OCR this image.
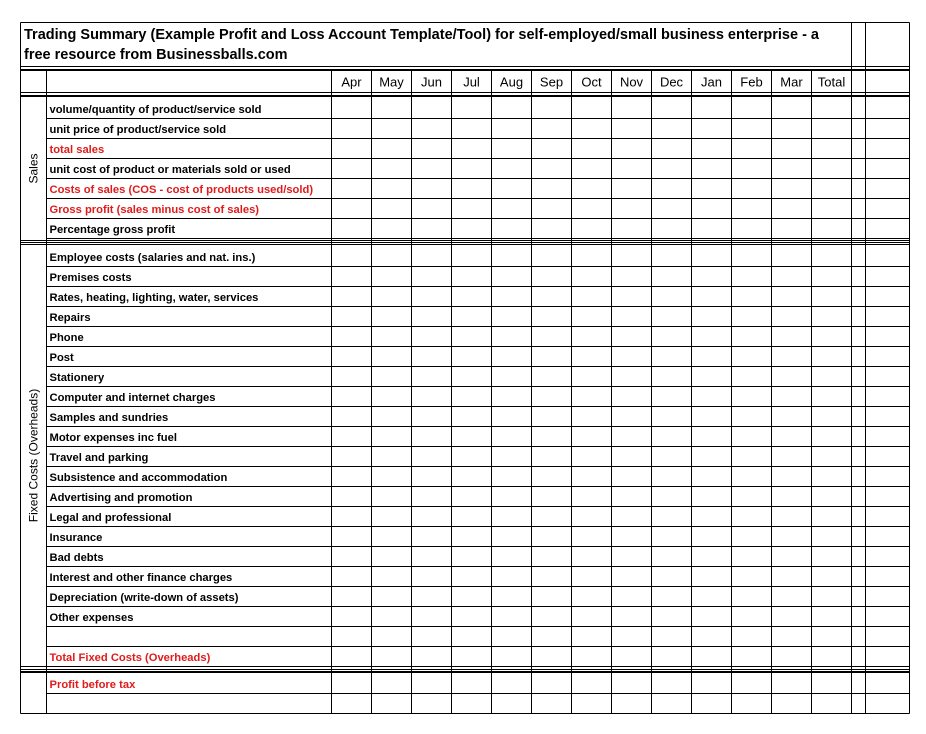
Trading Summary (Example Profit and Loss Account Template/Tool) for self-employed/small business enterprise - a
free resource from Businessballs.com
Apr May Jun Jul Aug Sep Oct Nov Dec Jan Feb Mar Total
volume/quantity of product/service sold
unit price of product/service sold
total sales
unit cost of product or materials sold or used
Costs of sales (COS - cost of products used/sold)
Gross profit (sales minus cost of sales)
Percentage gross profit
Employee costs (salaries and nat. ins.)
Premises costs
Rates, heating, lighting, water, services
Repairs
Phone
Post
Stationery
Computer and internet charges
Samples and sundries
Motor expenses inc fuel
Travel and parking
Subsistence and accommodation
Advertising and promotion
Legal and professional
Insurance
Bad debts
Interest and other finance charges
Depreciation (write-down of assets)
Other expenses
Total Fixed Costs (Overheads)
Profit before tax
Sales
Fixed Costs (Overheads)
